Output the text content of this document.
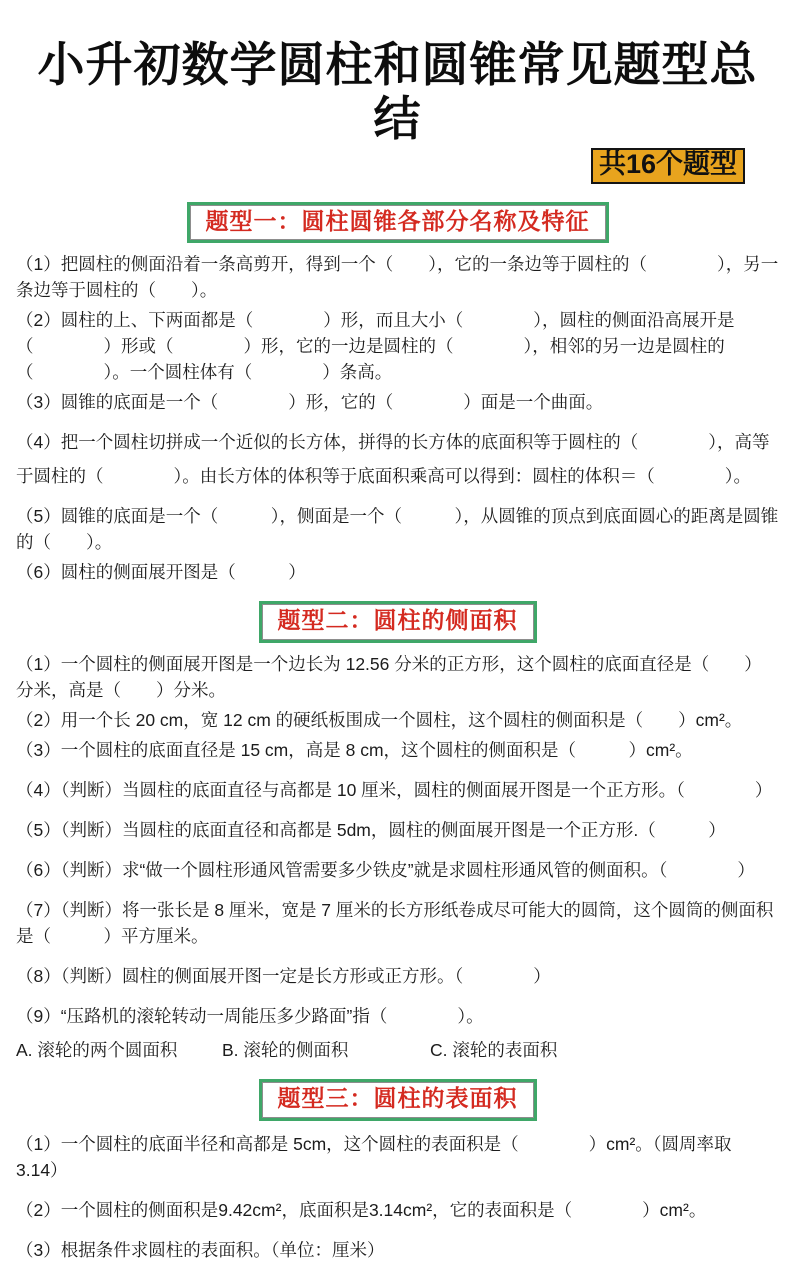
小升初数学圆柱和圆锥常见题型总结
共16个题型
题型一：圆柱圆锥各部分名称及特征

（1）把圆柱的侧面沿着一条高剪开，得到一个（　　），它的一条边等于圆柱的（　　　　），另一条边等于圆柱的（　　）。

（2）圆柱的上、下两面都是（　　　　）形，而且大小（　　　　），圆柱的侧面沿高展开是（　　　　）形或（　　　　）形，它的一边是圆柱的（　　　　），相邻的另一边是圆柱的（　　　　）。一个圆柱体有（　　　　）条高。

（3）圆锥的底面是一个（　　　　）形，它的（　　　　）面是一个曲面。

（4）把一个圆柱切拼成一个近似的长方体，拼得的长方体的底面积等于圆柱的（　　　　），高等于圆柱的（　　　　）。由长方体的体积等于底面积乘高可以得到：圆柱的体积＝（　　　　）。

（5）圆锥的底面是一个（　　　），侧面是一个（　　　），从圆锥的顶点到底面圆心的距离是圆锥的（　　）。

（6）圆柱的侧面展开图是（　　　）

题型二：圆柱的侧面积

（1）一个圆柱的侧面展开图是一个边长为 12.56 分米的正方形，这个圆柱的底面直径是（　　）分米，高是（　　）分米。

（2）用一个长 20 cm，宽 12 cm 的硬纸板围成一个圆柱，这个圆柱的侧面积是（　　）cm²。

（3）一个圆柱的底面直径是 15 cm，高是 8 cm，这个圆柱的侧面积是（　　　）cm²。

（4）（判断）当圆柱的底面直径与高都是 10 厘米，圆柱的侧面展开图是一个正方形。（　　　　）

（5）（判断）当圆柱的底面直径和高都是 5dm，圆柱的侧面展开图是一个正方形.（　　　）

（6）（判断）求“做一个圆柱形通风管需要多少铁皮”就是求圆柱形通风管的侧面积。（　　　　）

（7）（判断）将一张长是 8 厘米，宽是 7 厘米的长方形纸卷成尽可能大的圆筒，这个圆筒的侧面积是（　　　）平方厘米。

（8）（判断）圆柱的侧面展开图一定是长方形或正方形。（　　　　）

（9）“压路机的滚轮转动一周能压多少路面”指（　　　　）。

A. 滚轮的两个圆面积	B. 滚轮的侧面积	C. 滚轮的表面积
题型三：圆柱的表面积

（1）一个圆柱的底面半径和高都是 5cm，这个圆柱的表面积是（　　　　）cm²。（圆周率取 3.14）

（2）一个圆柱的侧面积是9.42cm²，底面积是3.14cm²，它的表面积是（　　　　）cm²。

（3）根据条件求圆柱的表面积。（单位：厘米）
